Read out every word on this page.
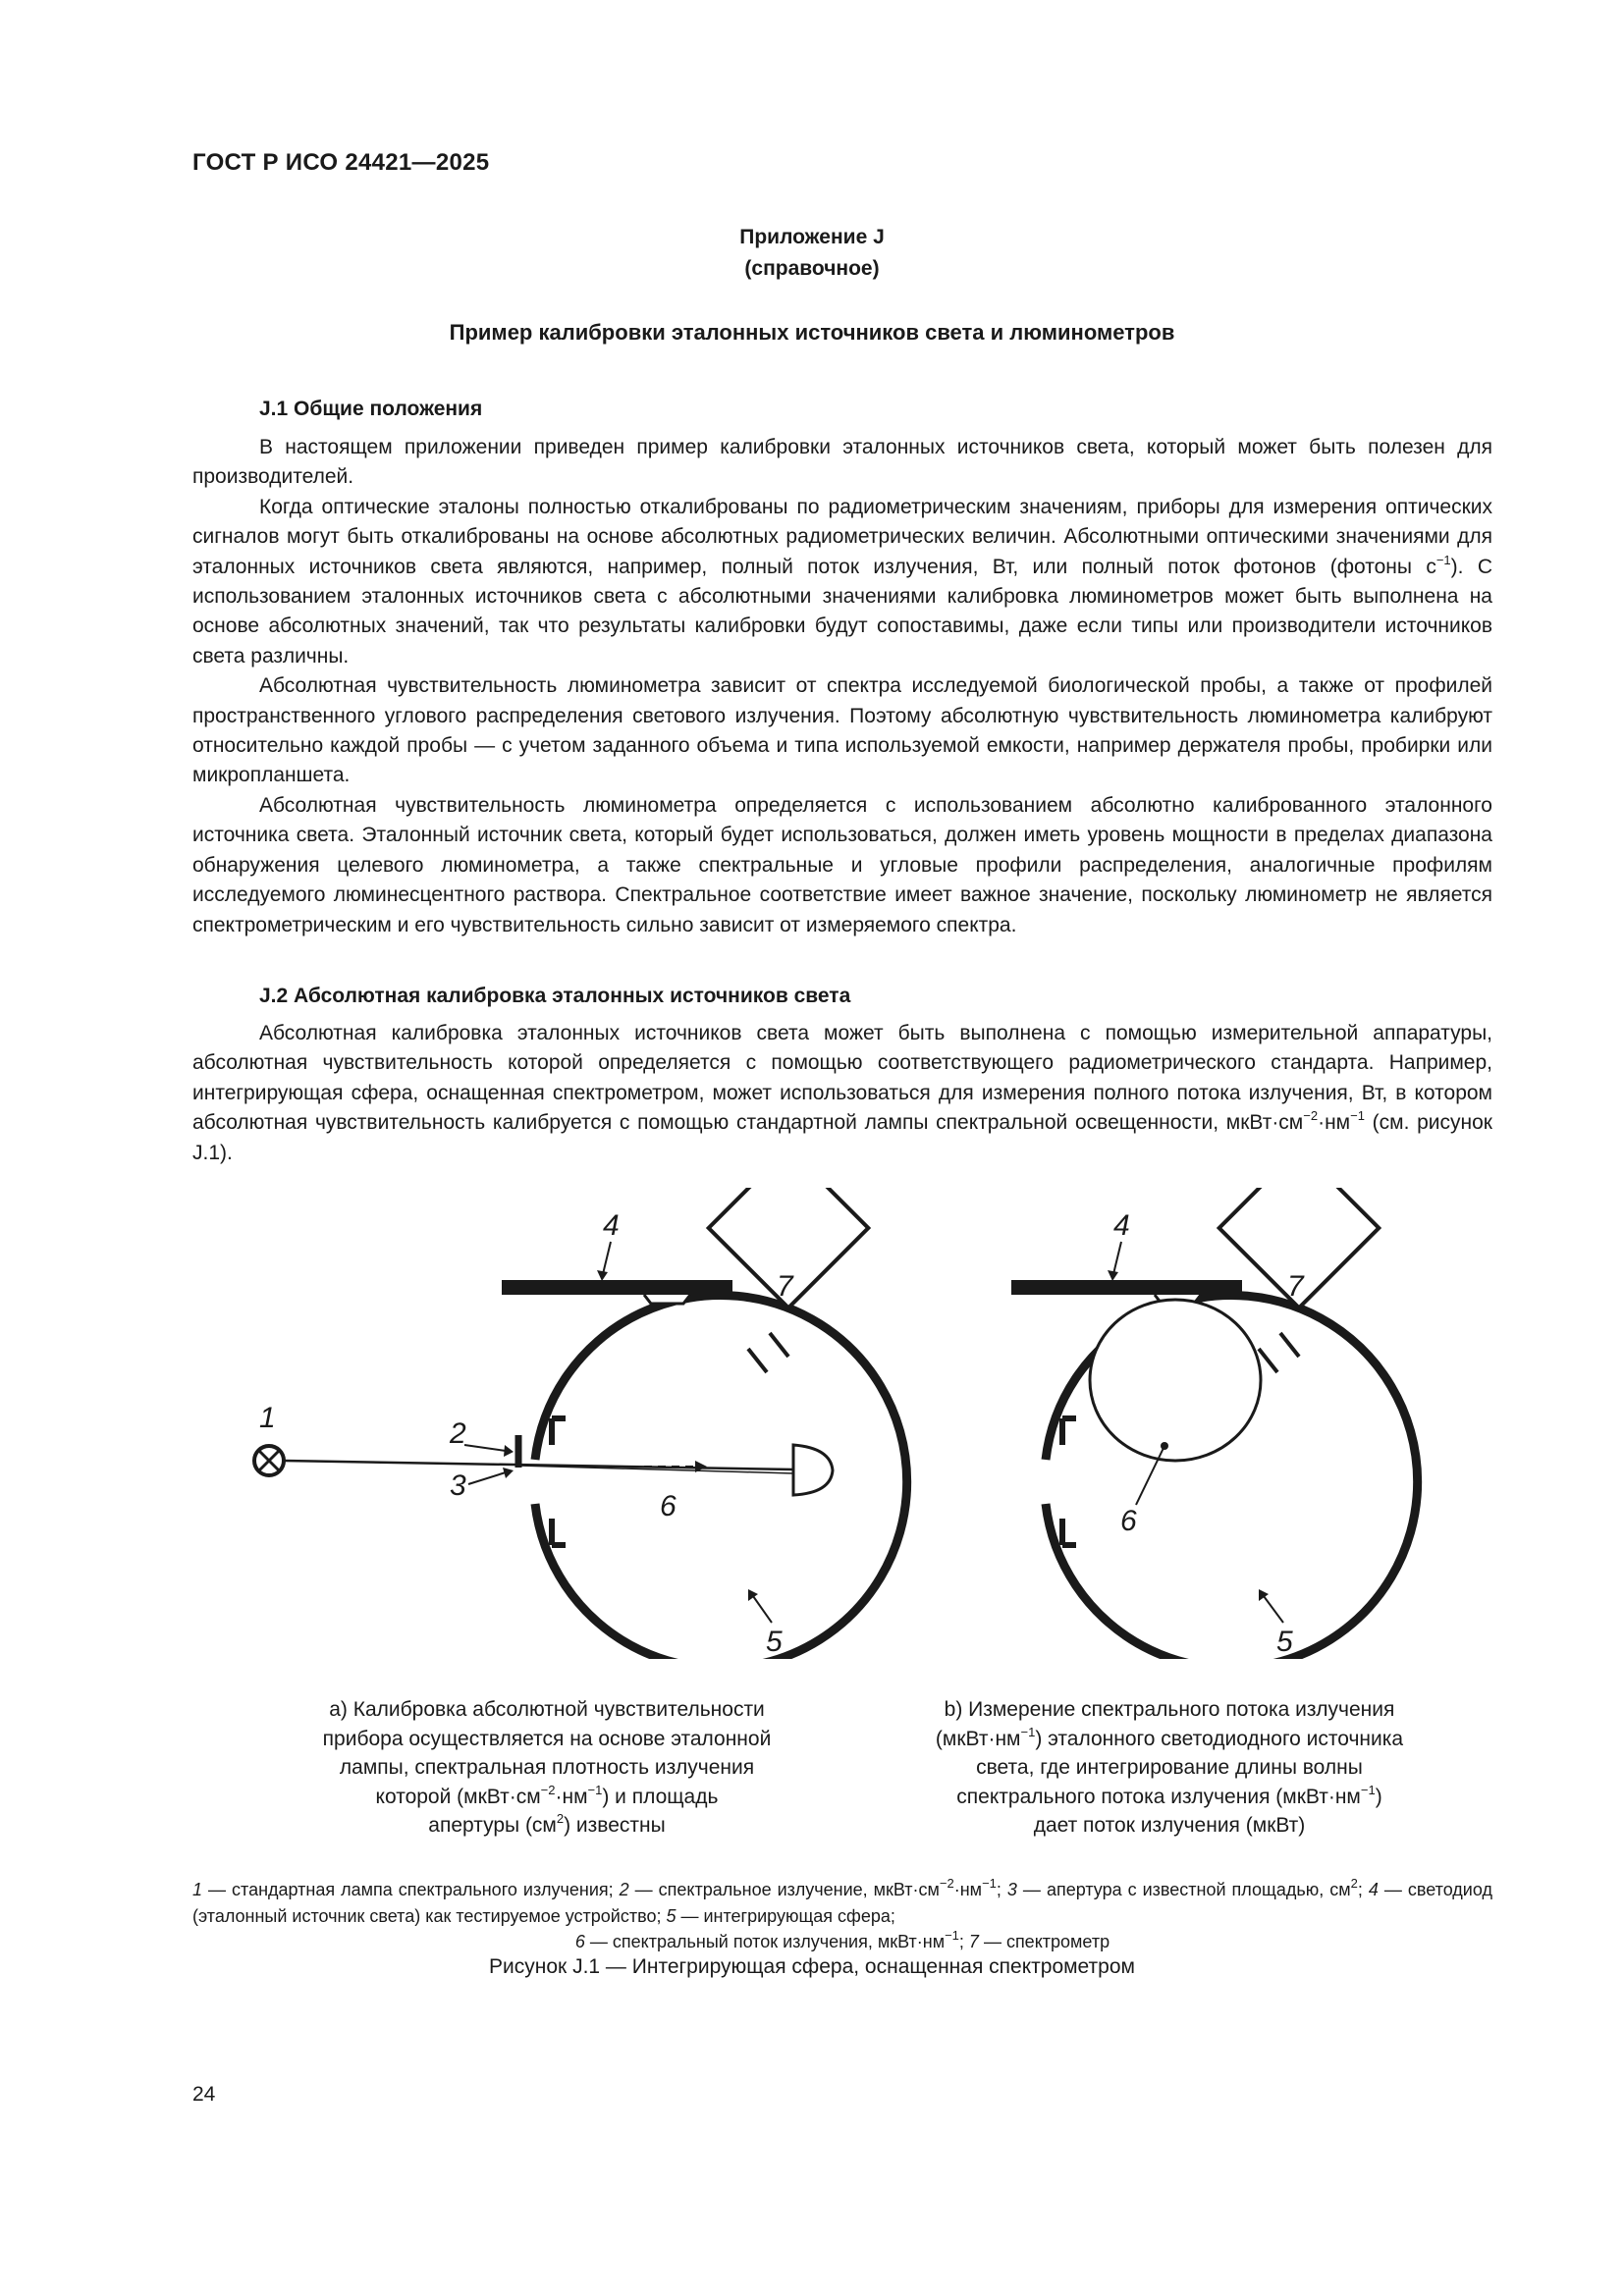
ГОСТ Р ИСО 24421—2025
Приложение J
(справочное)
Пример калибровки эталонных источников света и люминометров
J.1 Общие положения

В настоящем приложении приведен пример калибровки эталонных источников света, который может быть полезен для производителей.

Когда оптические эталоны полностью откалиброваны по радиометрическим значениям, приборы для измерения оптических сигналов могут быть откалиброваны на основе абсолютных радиометрических величин. Абсолютными оптическими значениями для эталонных источников света являются, например, полный поток излучения, Вт, или полный поток фотонов (фотоны $с^{-1}$). С использованием эталонных источников света с абсолютными значениями калибровка люминометров может быть выполнена на основе абсолютных значений, так что результаты калибровки будут сопоставимы, даже если типы или производители источников света различны.

Абсолютная чувствительность люминометра зависит от спектра исследуемой биологической пробы, а также от профилей пространственного углового распределения светового излучения. Поэтому абсолютную чувствительность люминометра калибруют относительно каждой пробы — с учетом заданного объема и типа используемой емкости, например держателя пробы, пробирки или микропланшета.

Абсолютная чувствительность люминометра определяется с использованием абсолютно калиброванного эталонного источника света. Эталонный источник света, который будет использоваться, должен иметь уровень мощности в пределах диапазона обнаружения целевого люминометра, а также спектральные и угловые профили распределения, аналогичные профилям исследуемого люминесцентного раствора. Спектральное соответствие имеет важное значение, поскольку люминометр не является спектрометрическим и его чувствительность сильно зависит от измеряемого спектра.

J.2 Абсолютная калибровка эталонных источников света

Абсолютная калибровка эталонных источников света может быть выполнена с помощью измерительной аппаратуры, абсолютная чувствительность которой определяется с помощью соответствующего радиометрического стандарта. Например, интегрирующая сфера, оснащенная спектрометром, может использоваться для измерения полного потока излучения, Вт, в котором абсолютная чувствительность калибруется с помощью стандартной лампы спектральной освещенности, $мкВт\cdot см^{-2}\cdot нм^{-1}$ (см. рисунок J.1).

4
7
1	2
3
6
5
4
7
6
5
a) Калибровка абсолютной чувствительности
прибора осуществляется на основе эталонной
лампы, спектральная плотность излучения
которой $(мкВт\cdot см^{-2}\cdot нм^{-1})$ и площадь
апертуры $(см^2)$ известны
b) Измерение спектрального потока излучения
$(мкВт\cdot нм^{-1})$ эталонного светодиодного источника
света, где интегрирование длины волны
спектрального потока излучения $(мкВт\cdot нм^{-1})$
дает поток излучения (мкВт)
1 — стандартная лампа спектрального излучения; 2 — спектральное излучение, $мкВт\cdot см^{-2}\cdot нм^{-1}$; 3 — апертура с известной площадью, $см^2$; 4 — светодиод (эталонный источник света) как тестируемое устройство; 5 — интегрирующая сфера;
6 — спектральный поток излучения, $мкВт\cdot нм^{-1}$; 7 — спектрометр
Рисунок J.1 — Интегрирующая сфера, оснащенная спектрометром
24
